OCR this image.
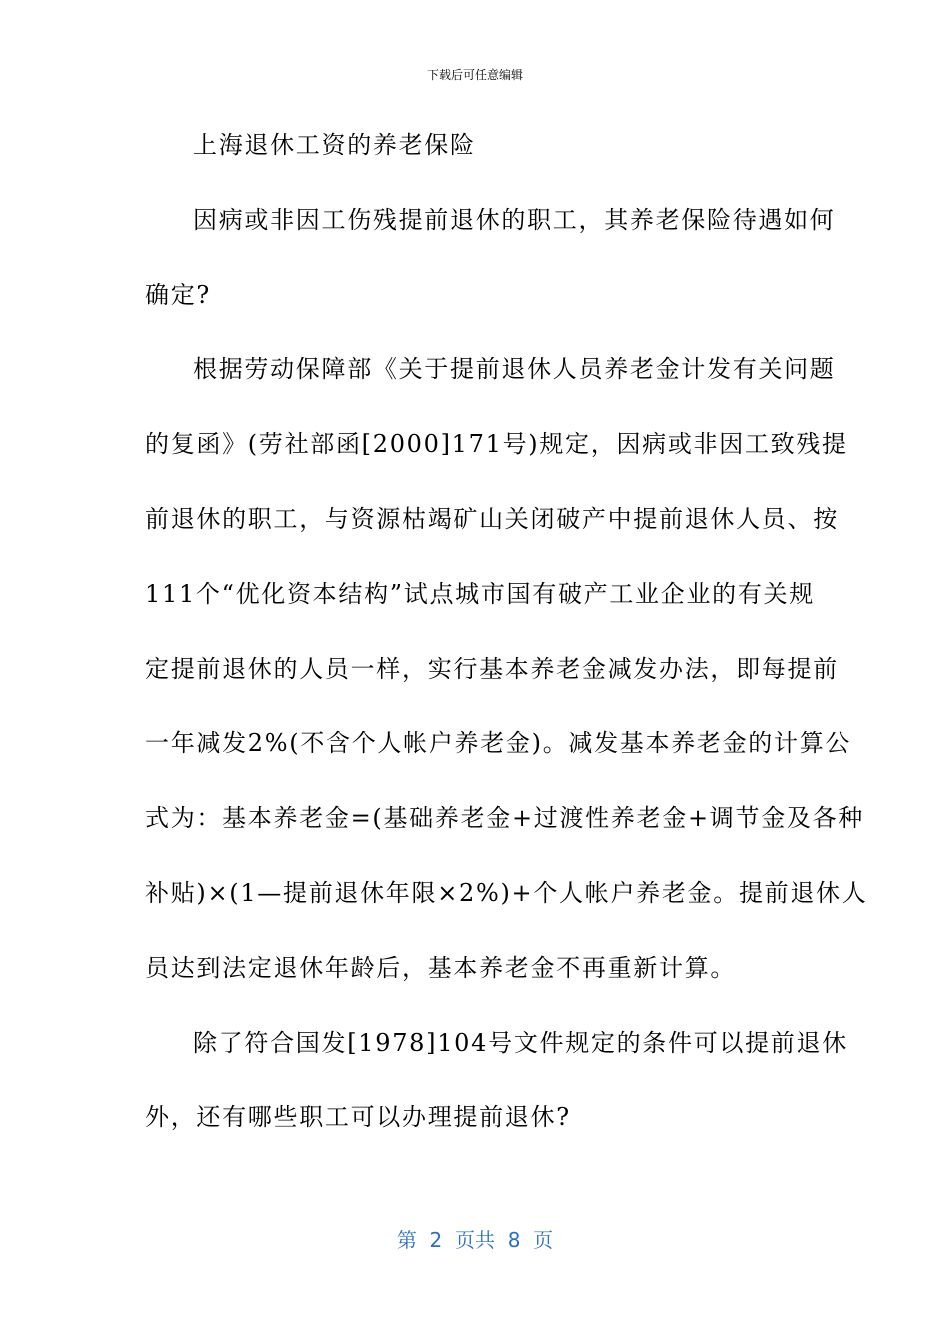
下载后可任意编辑
上海退休工资的养老保险
因病或非因工伤残提前退休的职工，其养老保险待遇如何
确定?
根据劳动保障部《关于提前退休人员养老金计发有关问题
的复函》(劳社部函[2000]171号)规定，因病或非因工致残提
前退休的职工，与资源枯竭矿山关闭破产中提前退休人员、按
111个“优化资本结构”试点城市国有破产工业企业的有关规
定提前退休的人员一样，实行基本养老金减发办法，即每提前
一年减发2%(不含个人帐户养老金)。减发基本养老金的计算公
式为：基本养老金=(基础养老金+过渡性养老金+调节金及各种
补贴)×(1—提前退休年限×2%)+个人帐户养老金。提前退休人
员达到法定退休年龄后，基本养老金不再重新计算。
除了符合国发[1978]104号文件规定的条件可以提前退休
外，还有哪些职工可以办理提前退休?
第  2  页共  8  页
